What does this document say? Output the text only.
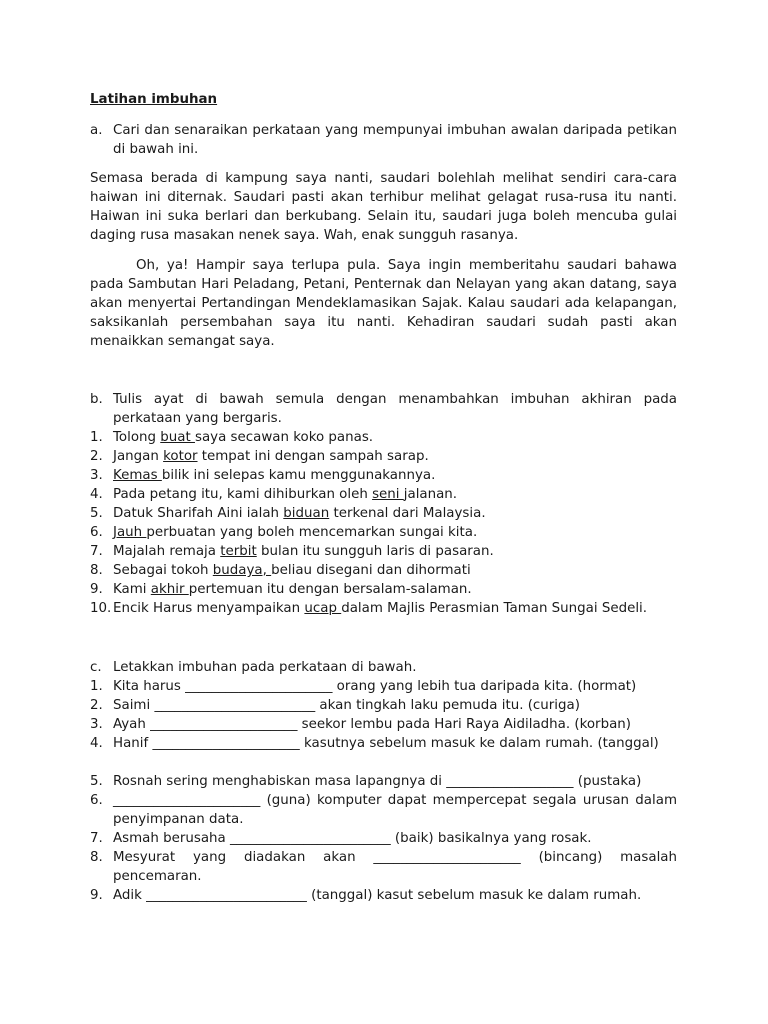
Latihan imbuhan
a. Cari dan senaraikan perkataan yang mempunyai imbuhan awalan daripada petikan di bawah ini.
Semasa berada di kampung saya nanti, saudari bolehlah melihat sendiri cara-cara haiwan ini diternak. Saudari pasti akan terhibur melihat gelagat rusa-rusa itu nanti. Haiwan ini suka berlari dan berkubang. Selain itu, saudari juga boleh mencuba gulai daging rusa masakan nenek saya. Wah, enak sungguh rasanya.
Oh, ya! Hampir saya terlupa pula. Saya ingin memberitahu saudari bahawa pada Sambutan Hari Peladang, Petani, Penternak dan Nelayan yang akan datang, saya akan menyertai Pertandingan Mendeklamasikan Sajak. Kalau saudari ada kelapangan, saksikanlah persembahan saya itu nanti. Kehadiran saudari sudah pasti akan menaikkan semangat saya.
b. Tulis ayat di bawah semula dengan menambahkan imbuhan akhiran pada perkataan yang bergaris.
1. Tolong buat saya secawan koko panas.
2. Jangan kotor tempat ini dengan sampah sarap.
3. Kemas bilik ini selepas kamu menggunakannya.
4. Pada petang itu, kami dihiburkan oleh seni jalanan.
5. Datuk Sharifah Aini ialah biduan terkenal dari Malaysia.
6. Jauh perbuatan yang boleh mencemarkan sungai kita.
7. Majalah remaja terbit bulan itu sungguh laris di pasaran.
8. Sebagai tokoh budaya, beliau disegani dan dihormati
9. Kami akhir pertemuan itu dengan bersalam-salaman.
10. Encik Harus menyampaikan ucap dalam Majlis Perasmian Taman Sungai Sedeli.
c. Letakkan imbuhan pada perkataan di bawah.
1. Kita harus ______________________ orang yang lebih tua daripada kita. (hormat)
2. Saimi ________________________ akan tingkah laku pemuda itu. (curiga)
3. Ayah ______________________ seekor lembu pada Hari Raya Aidiladha. (korban)
4. Hanif ______________________ kasutnya sebelum masuk ke dalam rumah. (tanggal)
5. Rosnah sering menghabiskan masa lapangnya di ___________________ (pustaka)
6. ______________________ (guna) komputer dapat mempercepat segala urusan dalam penyimpanan data.
7. Asmah berusaha ________________________ (baik) basikalnya yang rosak.
8. Mesyurat yang diadakan akan ______________________ (bincang) masalah pencemaran.
9. Adik ________________________ (tanggal) kasut sebelum masuk ke dalam rumah.
